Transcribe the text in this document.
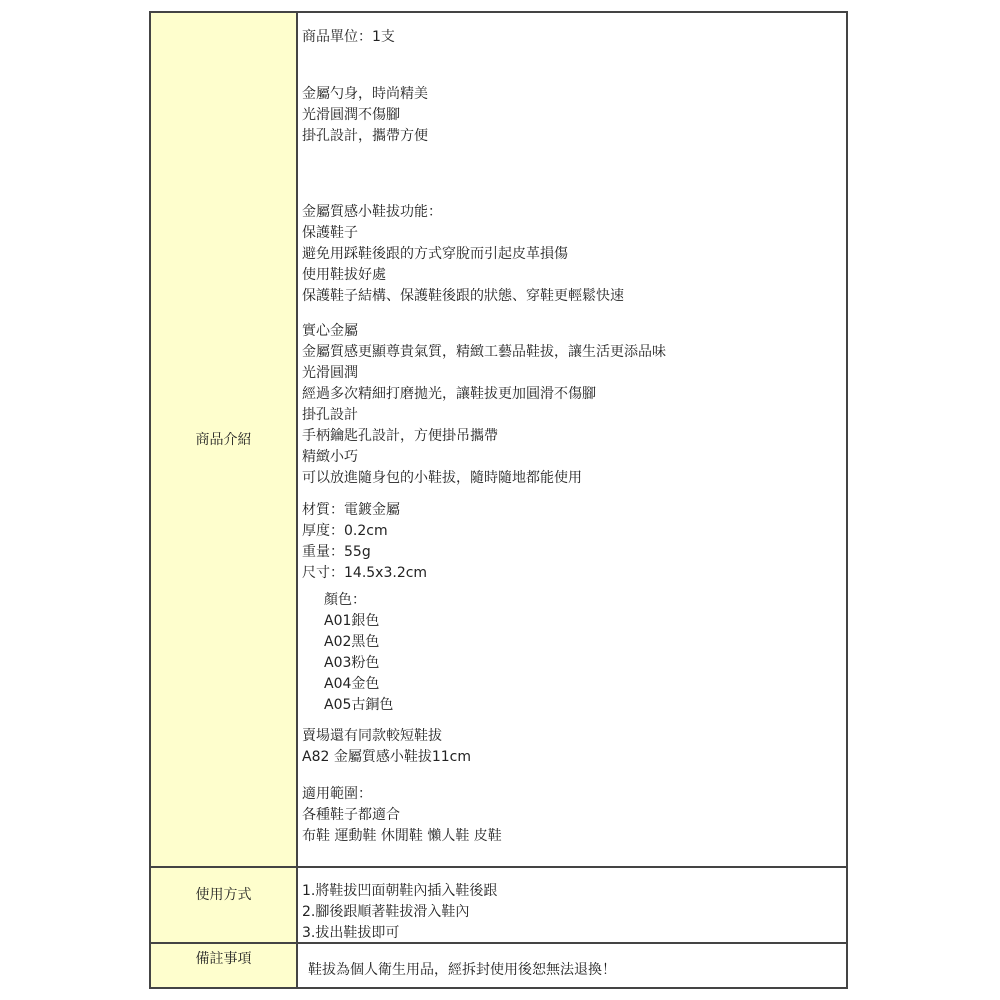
商品介紹
商品單位：1支
金屬勺身，時尚精美
光滑圓潤不傷腳
掛孔設計，攜帶方便
金屬質感小鞋拔功能：
保護鞋子
避免用踩鞋後跟的方式穿脫而引起皮革損傷
使用鞋拔好處
保護鞋子結構、保護鞋後跟的狀態、穿鞋更輕鬆快速
實心金屬
金屬質感更顯尊貴氣質，精緻工藝品鞋拔，讓生活更添品味
光滑圓潤
經過多次精細打磨拋光，讓鞋拔更加圓滑不傷腳
掛孔設計
手柄鑰匙孔設計，方便掛吊攜帶
精緻小巧
可以放進隨身包的小鞋拔，隨時隨地都能使用
材質：電鍍金屬
厚度：0.2cm
重量：55g
尺寸：14.5x3.2cm
顏色：
A01銀色
A02黑色
A03粉色
A04金色
A05古銅色
賣場還有同款較短鞋拔
A82 金屬質感小鞋拔11cm
適用範圍：
各種鞋子都適合
布鞋 運動鞋 休閒鞋 懶人鞋 皮鞋
使用方式	1.將鞋拔凹面朝鞋內插入鞋後跟
2.腳後跟順著鞋拔滑入鞋內
3.拔出鞋拔即可
備註事項
鞋拔為個人衛生用品，經拆封使用後恕無法退換！
